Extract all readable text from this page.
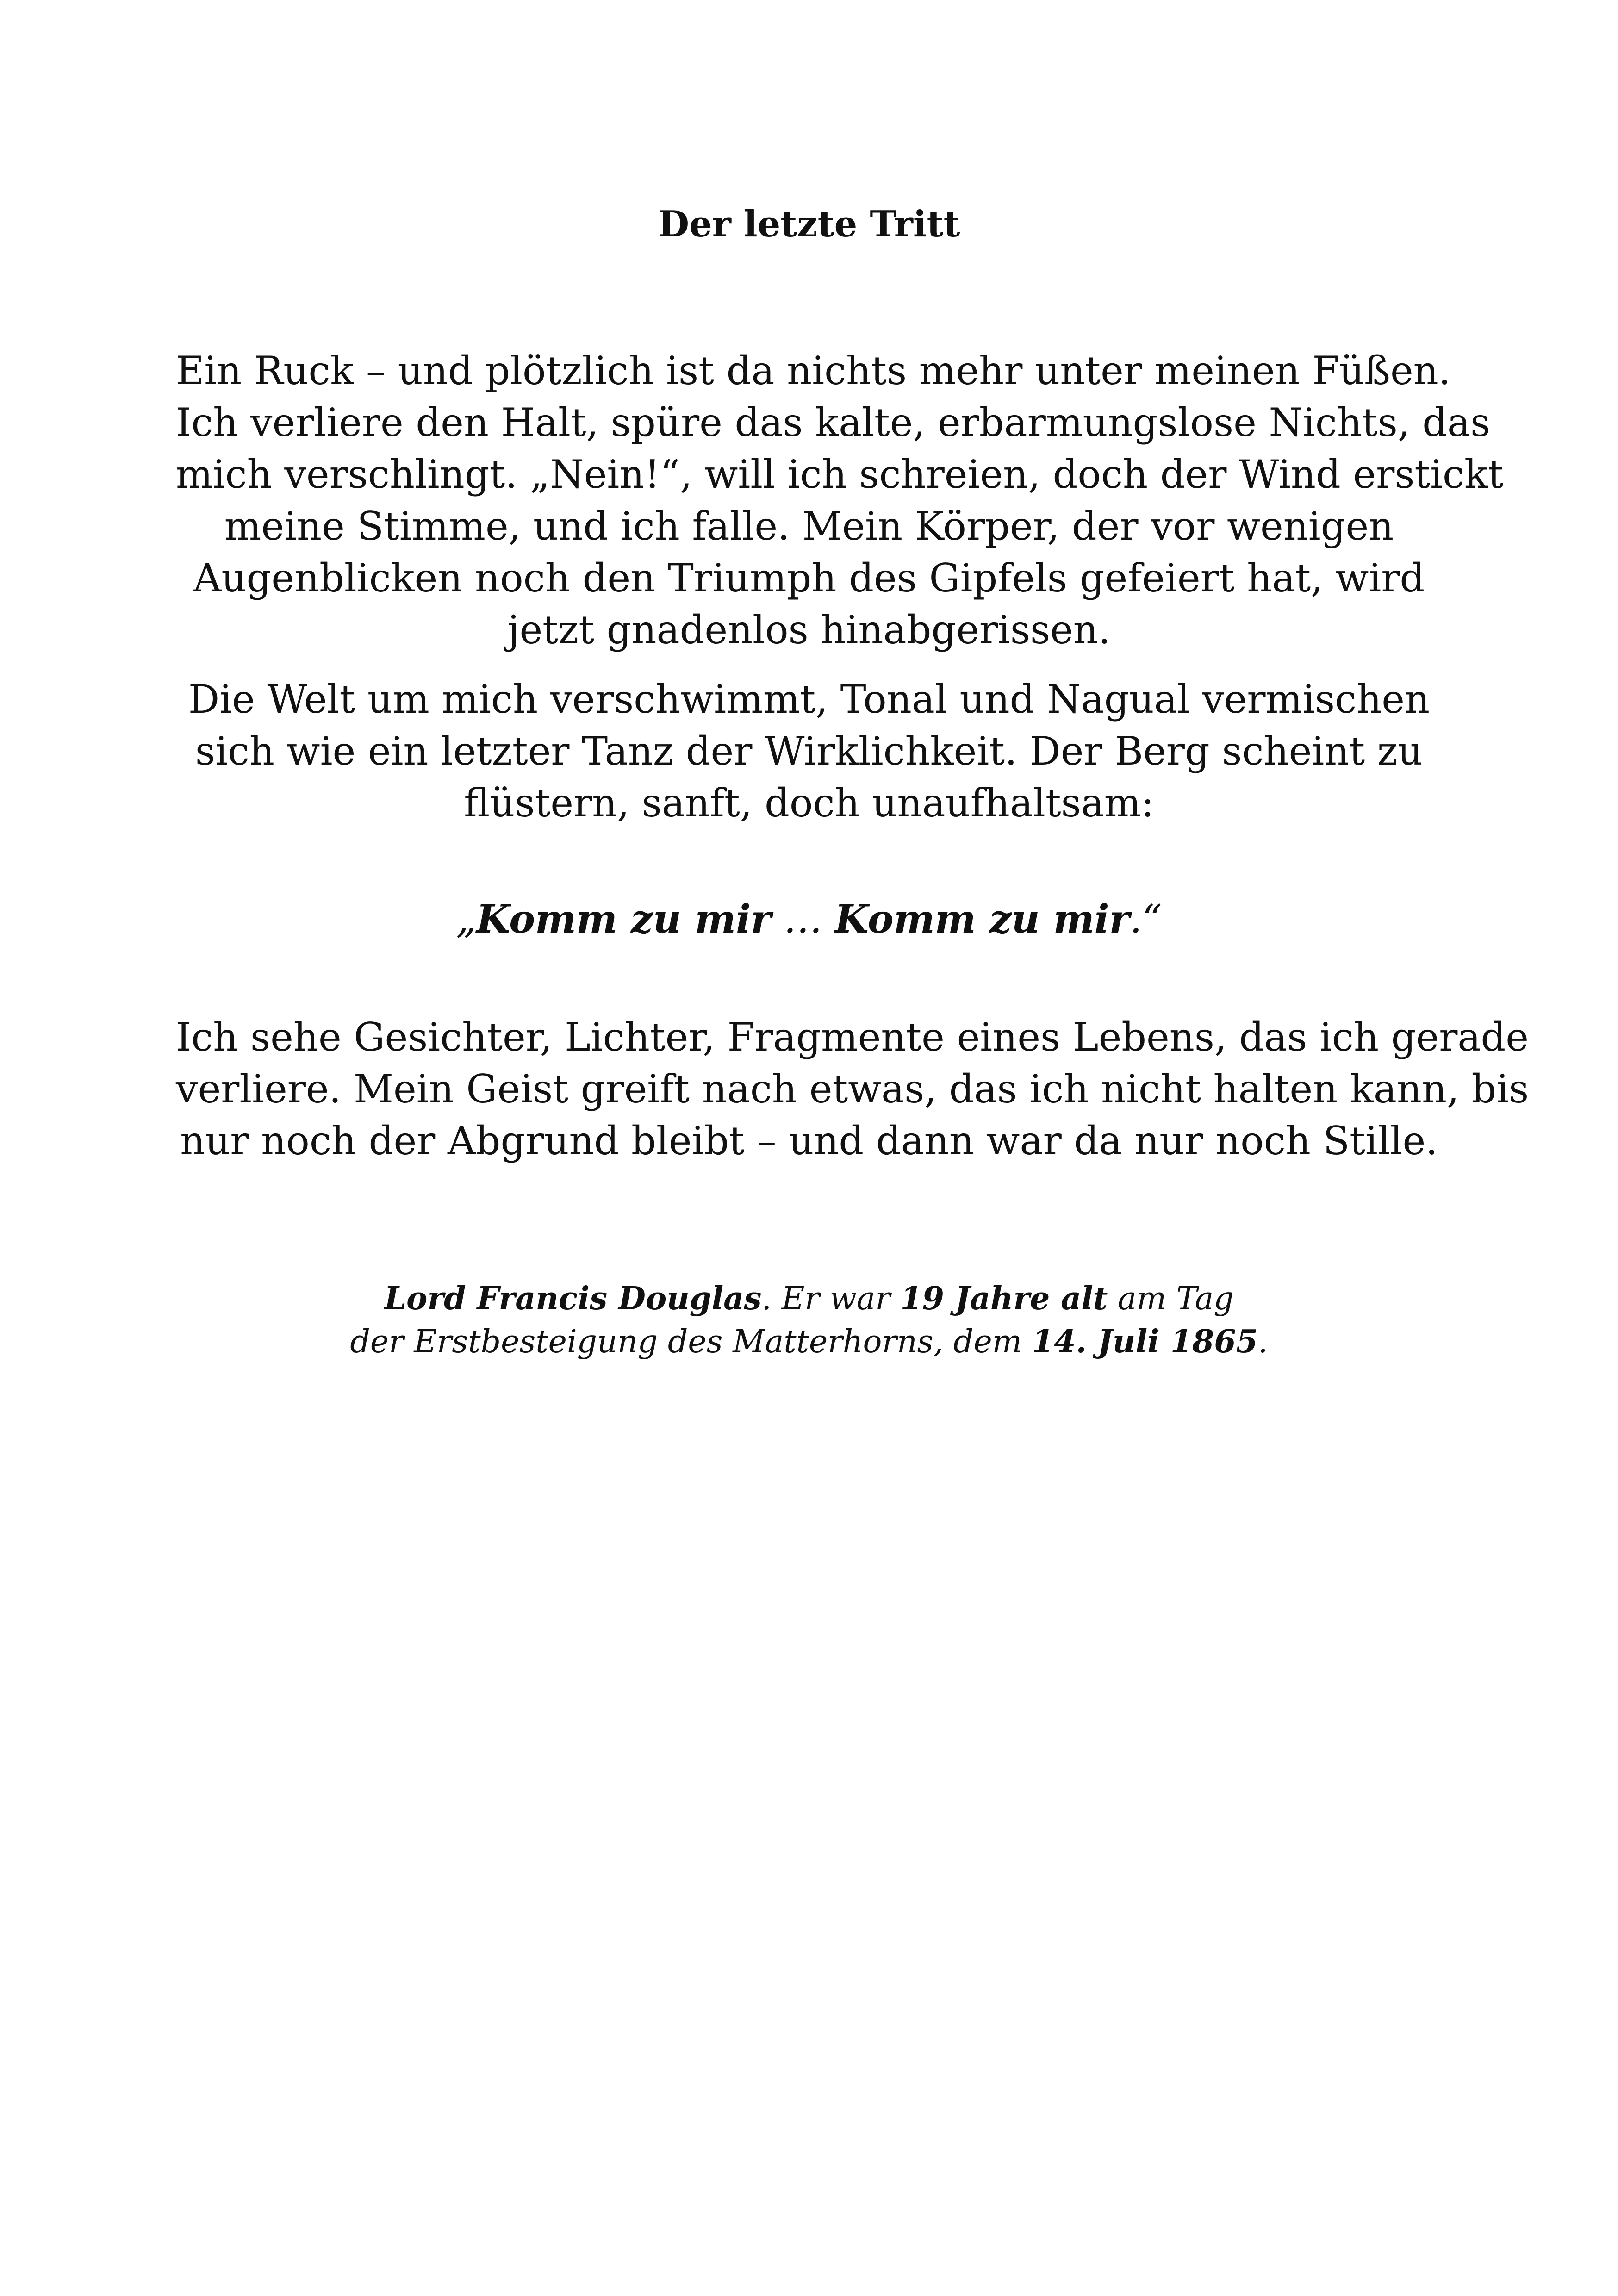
Der letzte Tritt
Ein Ruck – und plötzlich ist da nichts mehr unter meinen Füßen.
Ich verliere den Halt, spüre das kalte, erbarmungslose Nichts, das
mich verschlingt. „Nein!“, will ich schreien, doch der Wind erstickt
meine Stimme, und ich falle. Mein Körper, der vor wenigen
Augenblicken noch den Triumph des Gipfels gefeiert hat, wird
jetzt gnadenlos hinabgerissen.
Die Welt um mich verschwimmt, Tonal und Nagual vermischen
sich wie ein letzter Tanz der Wirklichkeit. Der Berg scheint zu
flüstern, sanft, doch unaufhaltsam:
„Komm zu mir … Komm zu mir.“
Ich sehe Gesichter, Lichter, Fragmente eines Lebens, das ich gerade
verliere. Mein Geist greift nach etwas, das ich nicht halten kann, bis
nur noch der Abgrund bleibt – und dann war da nur noch Stille.
Lord Francis Douglas. Er war 19 Jahre alt am Tag
der Erstbesteigung des Matterhorns, dem 14. Juli 1865.
